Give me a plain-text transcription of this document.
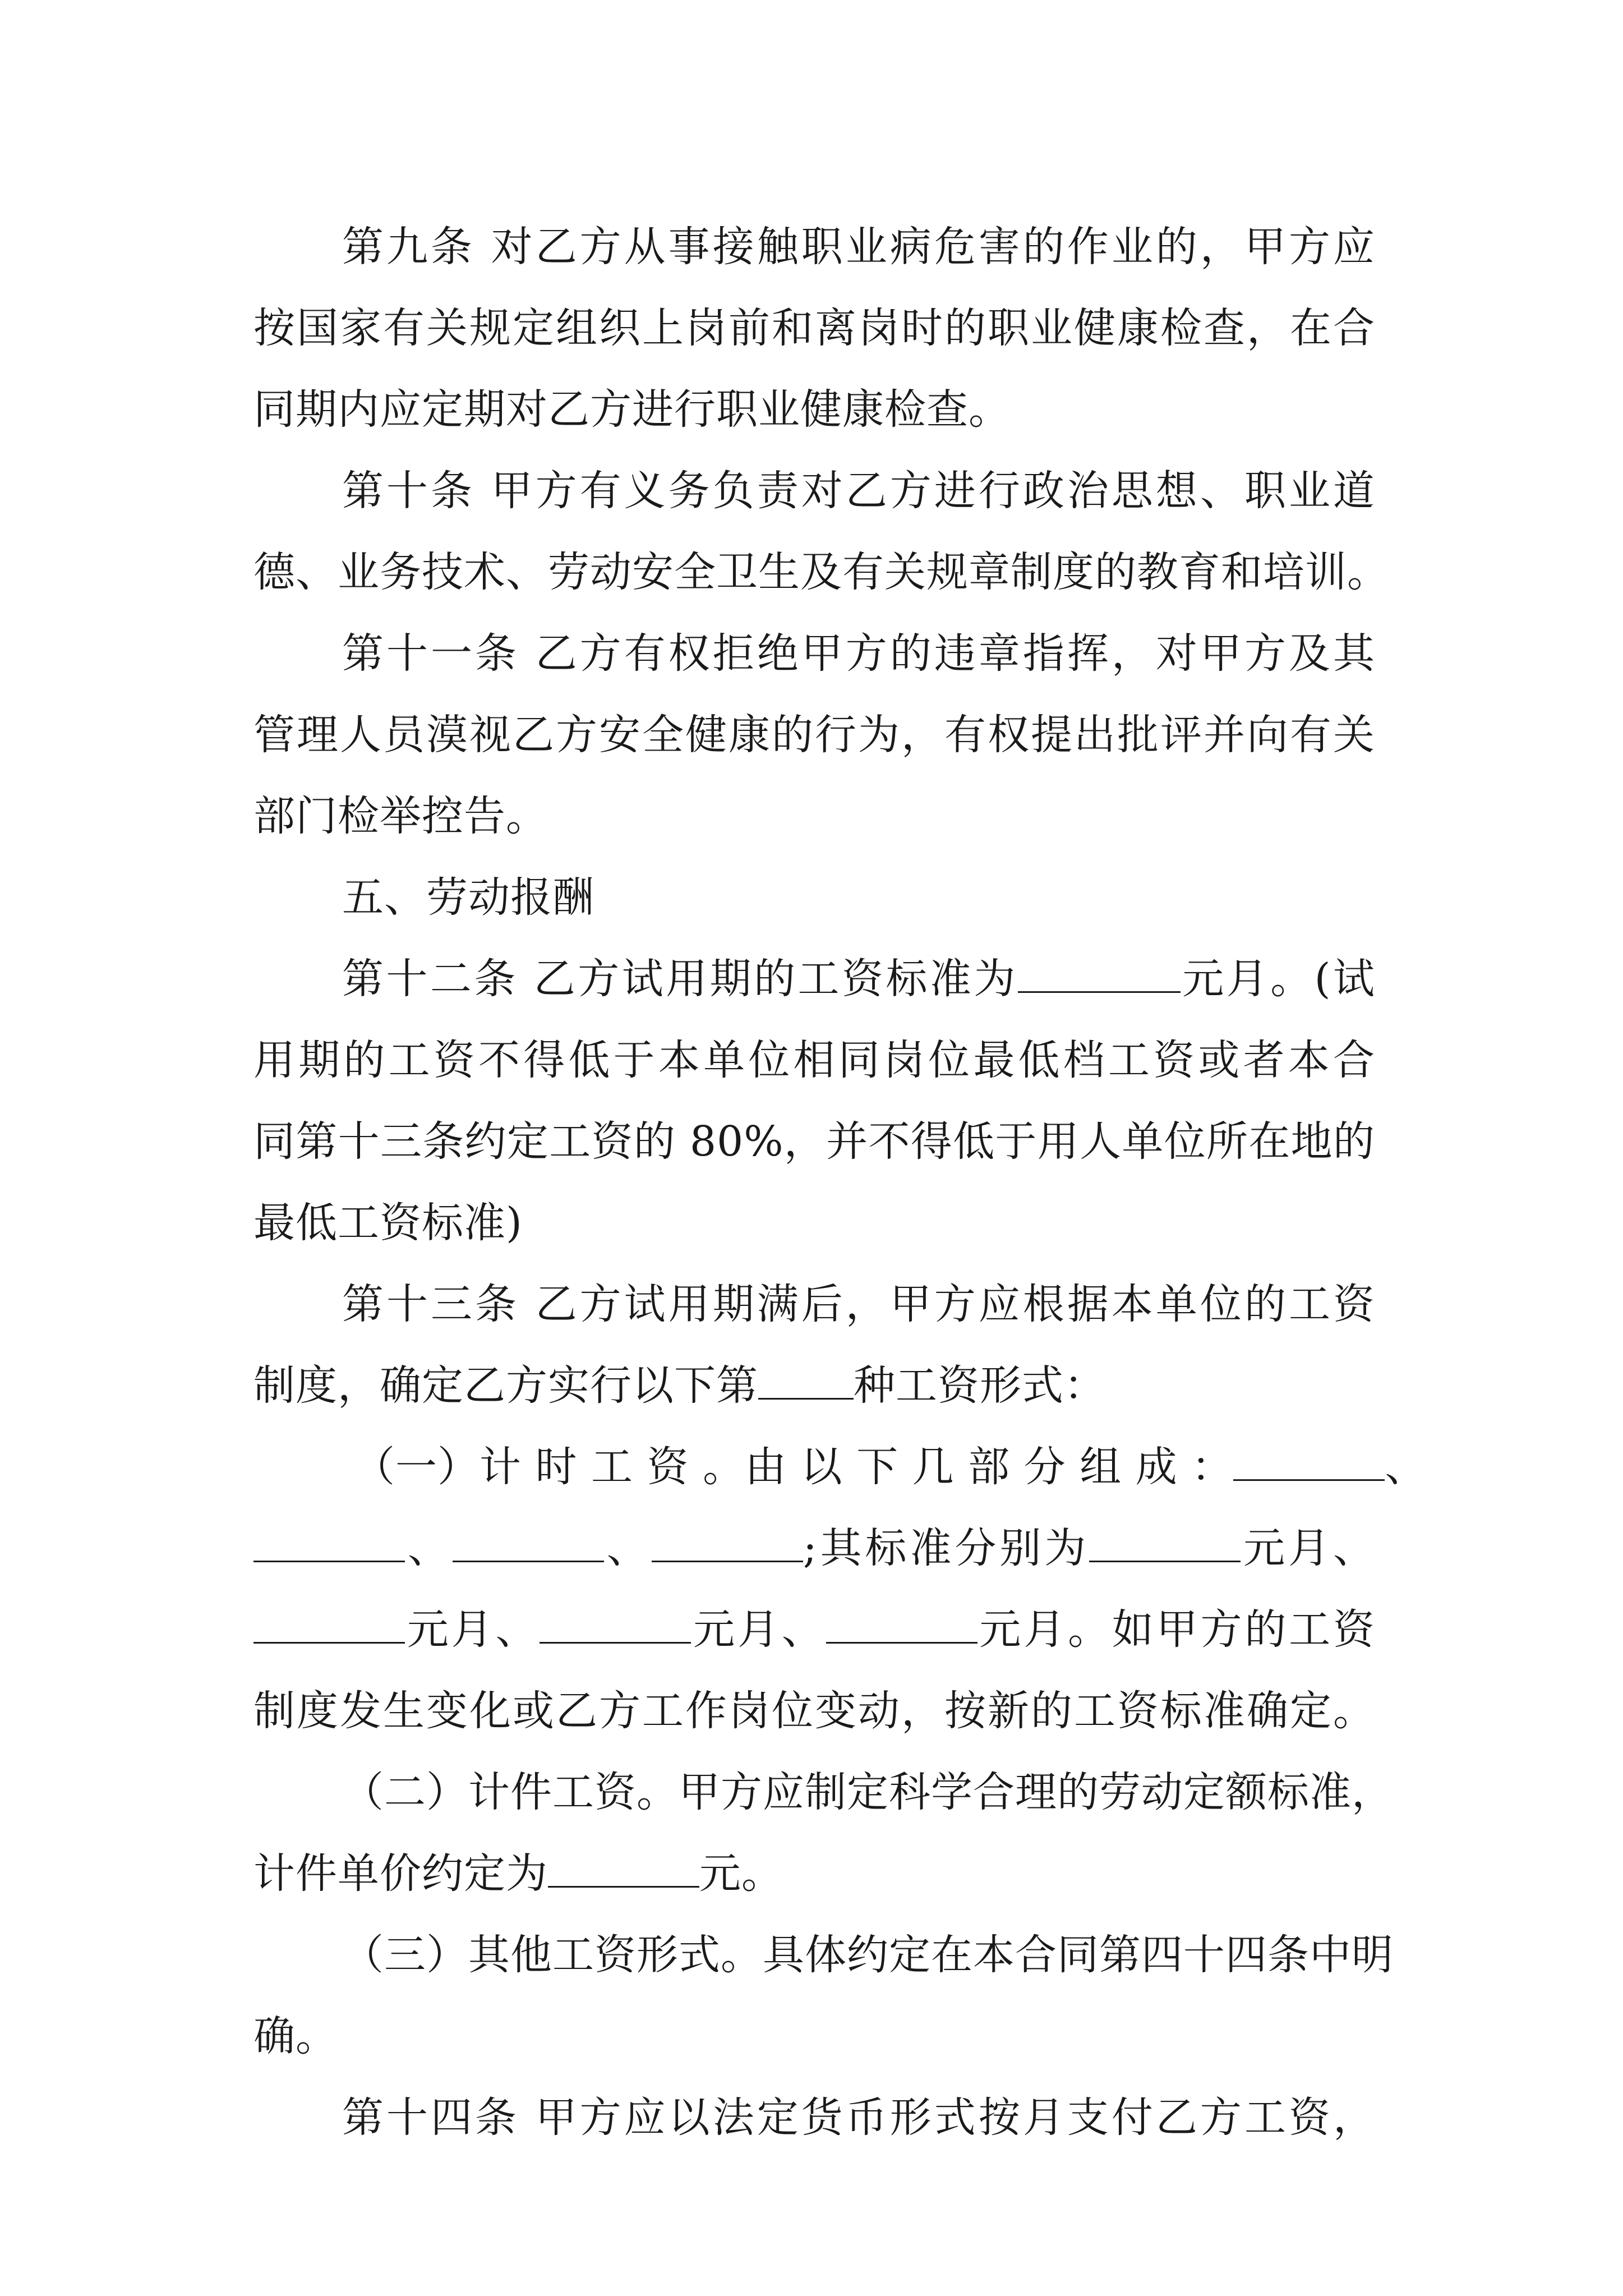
第九条 对乙方从事接触职业病危害的作业的，甲方应
按国家有关规定组织上岗前和离岗时的职业健康检查，在合
同期内应定期对乙方进行职业健康检查。
第十条 甲方有义务负责对乙方进行政治思想、职业道
德、业务技术、劳动安全卫生及有关规章制度的教育和培训。
第十一条 乙方有权拒绝甲方的违章指挥，对甲方及其
管理人员漠视乙方安全健康的行为，有权提出批评并向有关
部门检举控告。
五、劳动报酬
第十二条 乙方试用期的工资标准为	元月。(试
用期的工资不得低于本单位相同岗位最低档工资或者本合
同第十三条约定工资的 80%，并不得低于用人单位所在地的
最低工资标准)
第十三条 乙方试用期满后，甲方应根据本单位的工资
制度，确定乙方实行以下第 种工资形式：
（一）计 时 工 资 。由 以 下 几 部 分 组 成 ：	、
、	、	;其标准分别为	元月、
元月、	元月、	元月。如甲方的工资
制度发生变化或乙方工作岗位变动，按新的工资标准确定。
（二）计件工资。甲方应制定科学合理的劳动定额标准，
计件单价约定为	元。
（三）其他工资形式。具体约定在本合同第四十四条中明
确。
第十四条 甲方应以法定货币形式按月支付乙方工资，
